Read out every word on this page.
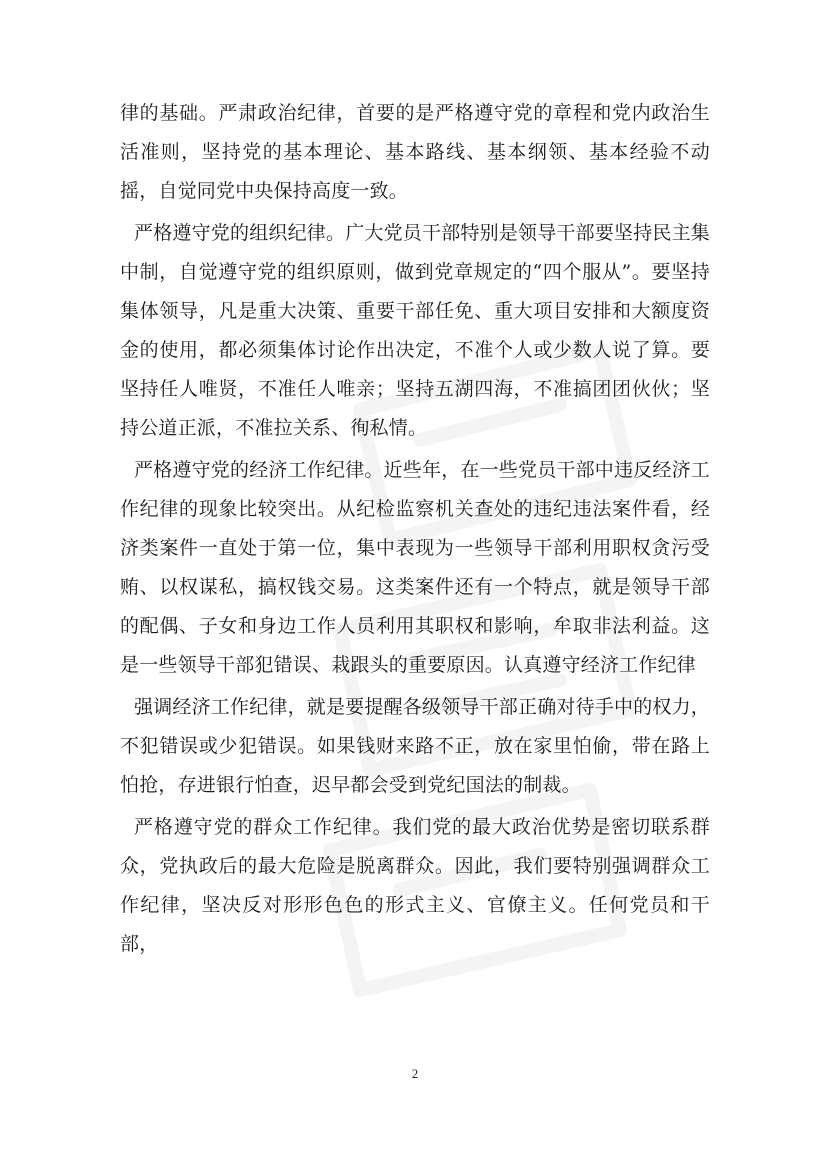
律的基础。严肃政治纪律，首要的是严格遵守党的章程和党内政治生活准则，坚持党的基本理论、基本路线、基本纲领、基本经验不动摇，自觉同党中央保持高度一致。

严格遵守党的组织纪律。广大党员干部特别是领导干部要坚持民主集中制，自觉遵守党的组织原则，做到党章规定的“四个服从”。要坚持集体领导，凡是重大决策、重要干部任免、重大项目安排和大额度资金的使用，都必须集体讨论作出决定，不准个人或少数人说了算。要坚持任人唯贤，不准任人唯亲；坚持五湖四海，不准搞团团伙伙；坚持公道正派，不准拉关系、徇私情。

严格遵守党的经济工作纪律。近些年，在一些党员干部中违反经济工作纪律的现象比较突出。从纪检监察机关查处的违纪违法案件看，经济类案件一直处于第一位，集中表现为一些领导干部利用职权贪污受贿、以权谋私，搞权钱交易。这类案件还有一个特点，就是领导干部的配偶、子女和身边工作人员利用其职权和影响，牟取非法利益。这是一些领导干部犯错误、栽跟头的重要原因。认真遵守经济工作纪律

强调经济工作纪律，就是要提醒各级领导干部正确对待手中的权力，不犯错误或少犯错误。如果钱财来路不正，放在家里怕偷，带在路上怕抢，存进银行怕查，迟早都会受到党纪国法的制裁。

严格遵守党的群众工作纪律。我们党的最大政治优势是密切联系群众，党执政后的最大危险是脱离群众。因此，我们要特别强调群众工作纪律，坚决反对形形色色的形式主义、官僚主义。任何党员和干部，

2
